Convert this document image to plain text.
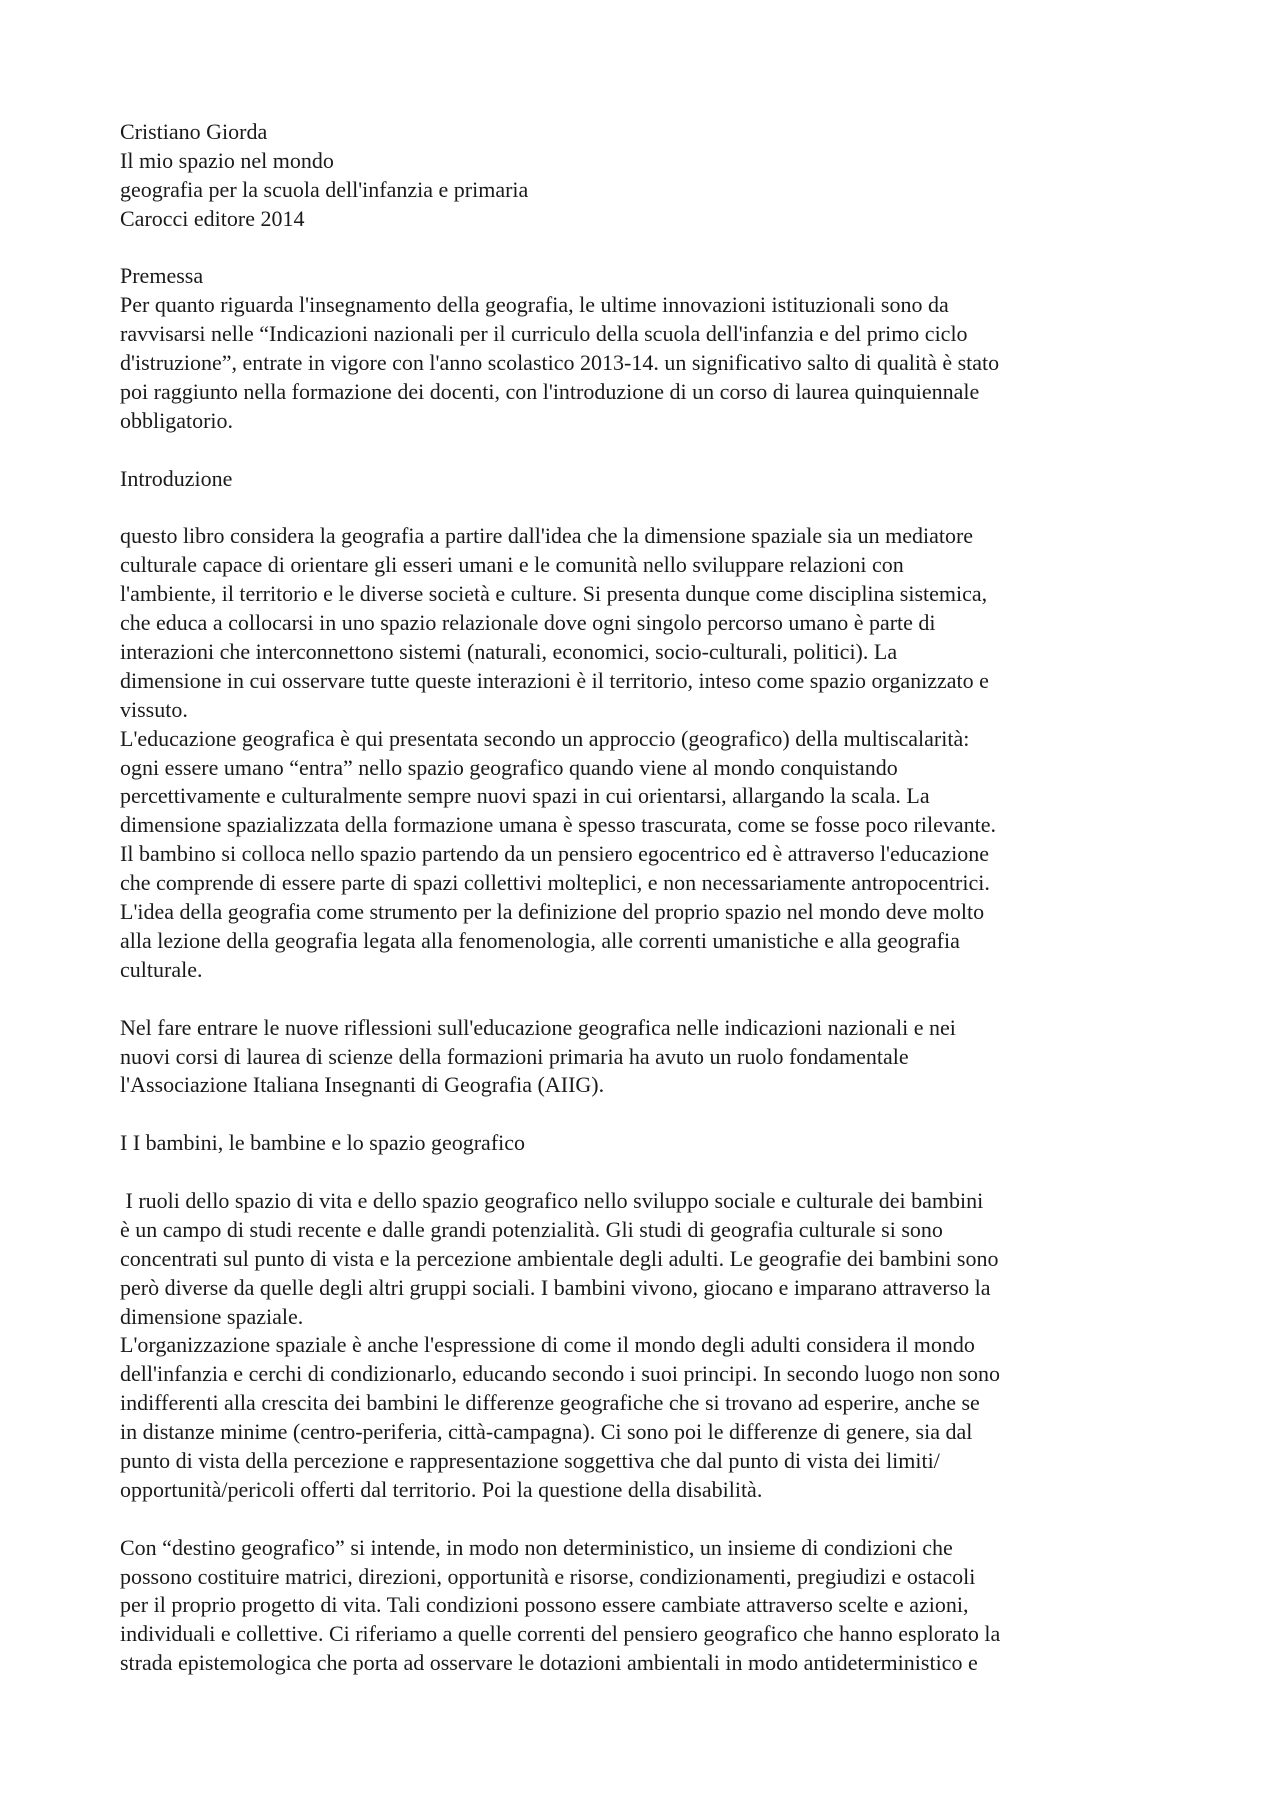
Cristiano Giorda
Il mio spazio nel mondo
geografia per la scuola dell'infanzia e primaria
Carocci editore 2014
Premessa
Per quanto riguarda l'insegnamento della geografia, le ultime innovazioni istituzionali sono da
ravvisarsi nelle “Indicazioni nazionali per il curriculo della scuola dell'infanzia e del primo ciclo
d'istruzione”, entrate in vigore con l'anno scolastico 2013-14. un significativo salto di qualità è stato
poi raggiunto nella formazione dei docenti, con l'introduzione di un corso di laurea quinquiennale
obbligatorio.
Introduzione
questo libro considera la geografia a partire dall'idea che la dimensione spaziale sia un mediatore
culturale capace di orientare gli esseri umani e le comunità nello sviluppare relazioni con
l'ambiente, il territorio e le diverse società e culture. Si presenta dunque come disciplina sistemica,
che educa a collocarsi in uno spazio relazionale dove ogni singolo percorso umano è parte di
interazioni che interconnettono sistemi (naturali, economici, socio-culturali, politici). La
dimensione in cui osservare tutte queste interazioni è il territorio, inteso come spazio organizzato e
vissuto.
L'educazione geografica è qui presentata secondo un approccio (geografico) della multiscalarità:
ogni essere umano “entra” nello spazio geografico quando viene al mondo conquistando
percettivamente e culturalmente sempre nuovi spazi in cui orientarsi, allargando la scala. La
dimensione spazializzata della formazione umana è spesso trascurata, come se fosse poco rilevante.
Il bambino si colloca nello spazio partendo da un pensiero egocentrico ed è attraverso l'educazione
che comprende di essere parte di spazi collettivi molteplici, e non necessariamente antropocentrici.
L'idea della geografia come strumento per la definizione del proprio spazio nel mondo deve molto
alla lezione della geografia legata alla fenomenologia, alle correnti umanistiche e alla geografia
culturale.
Nel fare entrare le nuove riflessioni sull'educazione geografica nelle indicazioni nazionali e nei
nuovi corsi di laurea di scienze della formazioni primaria ha avuto un ruolo fondamentale
l'Associazione Italiana Insegnanti di Geografia (AIIG).
I I bambini, le bambine e lo spazio geografico
I ruoli dello spazio di vita e dello spazio geografico nello sviluppo sociale e culturale dei bambini
è un campo di studi recente e dalle grandi potenzialità. Gli studi di geografia culturale si sono
concentrati sul punto di vista e la percezione ambientale degli adulti. Le geografie dei bambini sono
però diverse da quelle degli altri gruppi sociali. I bambini vivono, giocano e imparano attraverso la
dimensione spaziale.
L'organizzazione spaziale è anche l'espressione di come il mondo degli adulti considera il mondo
dell'infanzia e cerchi di condizionarlo, educando secondo i suoi principi. In secondo luogo non sono
indifferenti alla crescita dei bambini le differenze geografiche che si trovano ad esperire, anche se
in distanze minime (centro-periferia, città-campagna). Ci sono poi le differenze di genere, sia dal
punto di vista della percezione e rappresentazione soggettiva che dal punto di vista dei limiti/
opportunità/pericoli offerti dal territorio. Poi la questione della disabilità.
Con “destino geografico” si intende, in modo non deterministico, un insieme di condizioni che
possono costituire matrici, direzioni, opportunità e risorse, condizionamenti, pregiudizi e ostacoli
per il proprio progetto di vita. Tali condizioni possono essere cambiate attraverso scelte e azioni,
individuali e collettive. Ci riferiamo a quelle correnti del pensiero geografico che hanno esplorato la
strada epistemologica che porta ad osservare le dotazioni ambientali in modo antideterministico e
